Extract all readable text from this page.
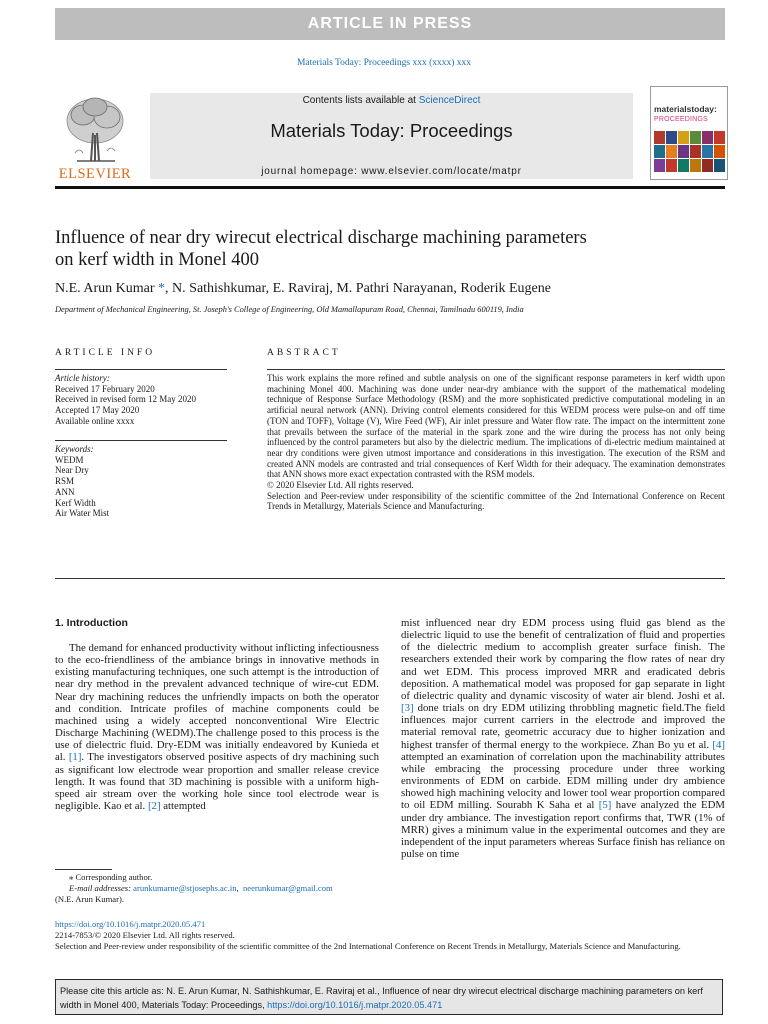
ARTICLE IN PRESS
Materials Today: Proceedings xxx (xxxx) xxx
ELSEVIER
Contents lists available at ScienceDirect
Materials Today: Proceedings
journal homepage: www.elsevier.com/locate/matpr
materialstoday:
PROCEEDINGS
Influence of near dry wirecut electrical discharge machining parameters
on kerf width in Monel 400
N.E. Arun Kumar *, N. Sathishkumar, E. Raviraj, M. Pathri Narayanan, Roderik Eugene
Department of Mechanical Engineering, St. Joseph's College of Engineering, Old Mamallapuram Road, Chennai, Tamilnadu 600119, India
ARTICLE INFO	ABSTRACT
Article history:
Received 17 February 2020
Received in revised form 12 May 2020
Accepted 17 May 2020
Available online xxxx
Keywords:
WEDM
Near Dry
RSM
ANN
Kerf Width
Air Water Mist

This work explains the more refined and subtle analysis on one of the significant response parameters in kerf width upon machining Monel 400. Machining was done under near-dry ambiance with the support of the mathematical modeling technique of Response Surface Methodology (RSM) and the more sophisticated predictive computational modeling in an artificial neural network (ANN). Driving control elements considered for this WEDM process were pulse-on and off time (TON and TOFF), Voltage (V), Wire Feed (WF), Air inlet pressure and Water flow rate. The impact on the intermittent zone that prevails between the surface of the material in the spark zone and the wire during the process has not only being influenced by the control parameters but also by the dielectric medium. The implications of di-electric medium maintained at near dry conditions were given utmost importance and considerations in this investigation. The execution of the RSM and created ANN models are contrasted and trial consequences of Kerf Width for their adequacy. The examination demonstrates that ANN shows more exact expectation contrasted with the RSM models.

© 2020 Elsevier Ltd. All rights reserved.

Selection and Peer-review under responsibility of the scientific committee of the 2nd International Conference on Recent Trends in Metallurgy, Materials Science and Manufacturing.

1. Introduction

The demand for enhanced productivity without inflicting infectiousness to the eco-friendliness of the ambiance brings in innovative methods in existing manufacturing techniques, one such attempt is the introduction of near dry method in the prevalent advanced technique of wire-cut EDM. Near dry machining reduces the unfriendly impacts on both the operator and condition. Intricate profiles of machine components could be machined using a widely accepted nonconventional Wire Electric Discharge Machining (WEDM).The challenge posed to this process is the use of dielectric fluid. Dry-EDM was initially endeavored by Kunieda et al. [1]. The investigators observed positive aspects of dry machining such as significant low electrode wear proportion and smaller release crevice length. It was found that 3D machining is possible with a uniform high-speed air stream over the working hole since tool electrode wear is negligible. Kao et al. [2] attempted

mist influenced near dry EDM process using fluid gas blend as the dielectric liquid to use the benefit of centralization of fluid and properties of the dielectric medium to accomplish greater surface finish. The researchers extended their work by comparing the flow rates of near dry and wet EDM. This process improved MRR and eradicated debris deposition. A mathematical model was proposed for gap separate in light of dielectric quality and dynamic viscosity of water air blend. Joshi et al. [3] done trials on dry EDM utilizing throbbling magnetic field.The field influences major current carriers in the electrode and improved the material removal rate, geometric accuracy due to higher ionization and highest transfer of thermal energy to the workpiece. Zhan Bo yu et al. [4] attempted an examination of correlation upon the machinability attributes while embracing the processing procedure under three working environments of EDM on carbide. EDM milling under dry ambience showed high machining velocity and lower tool wear proportion compared to oil EDM milling. Sourabh K Saha et al [5] have analyzed the EDM under dry ambiance. The investigation report confirms that, TWR (1% of MRR) gives a minimum value in the experimental outcomes and they are independent of the input parameters whereas Surface finish has reliance on pulse on time

⁎ Corresponding author.
E-mail addresses: arunkumarne@stjosephs.ac.in,  neerunkumar@gmail.com
(N.E. Arun Kumar).
https://doi.org/10.1016/j.matpr.2020.05.471
2214-7853/© 2020 Elsevier Ltd. All rights reserved.
Selection and Peer-review under responsibility of the scientific committee of the 2nd International Conference on Recent Trends in Metallurgy, Materials Science and Manufacturing.
Please cite this article as: N. E. Arun Kumar, N. Sathishkumar, E. Raviraj et al., Influence of near dry wirecut electrical discharge machining parameters on kerf width in Monel 400, Materials Today: Proceedings, https://doi.org/10.1016/j.matpr.2020.05.471
